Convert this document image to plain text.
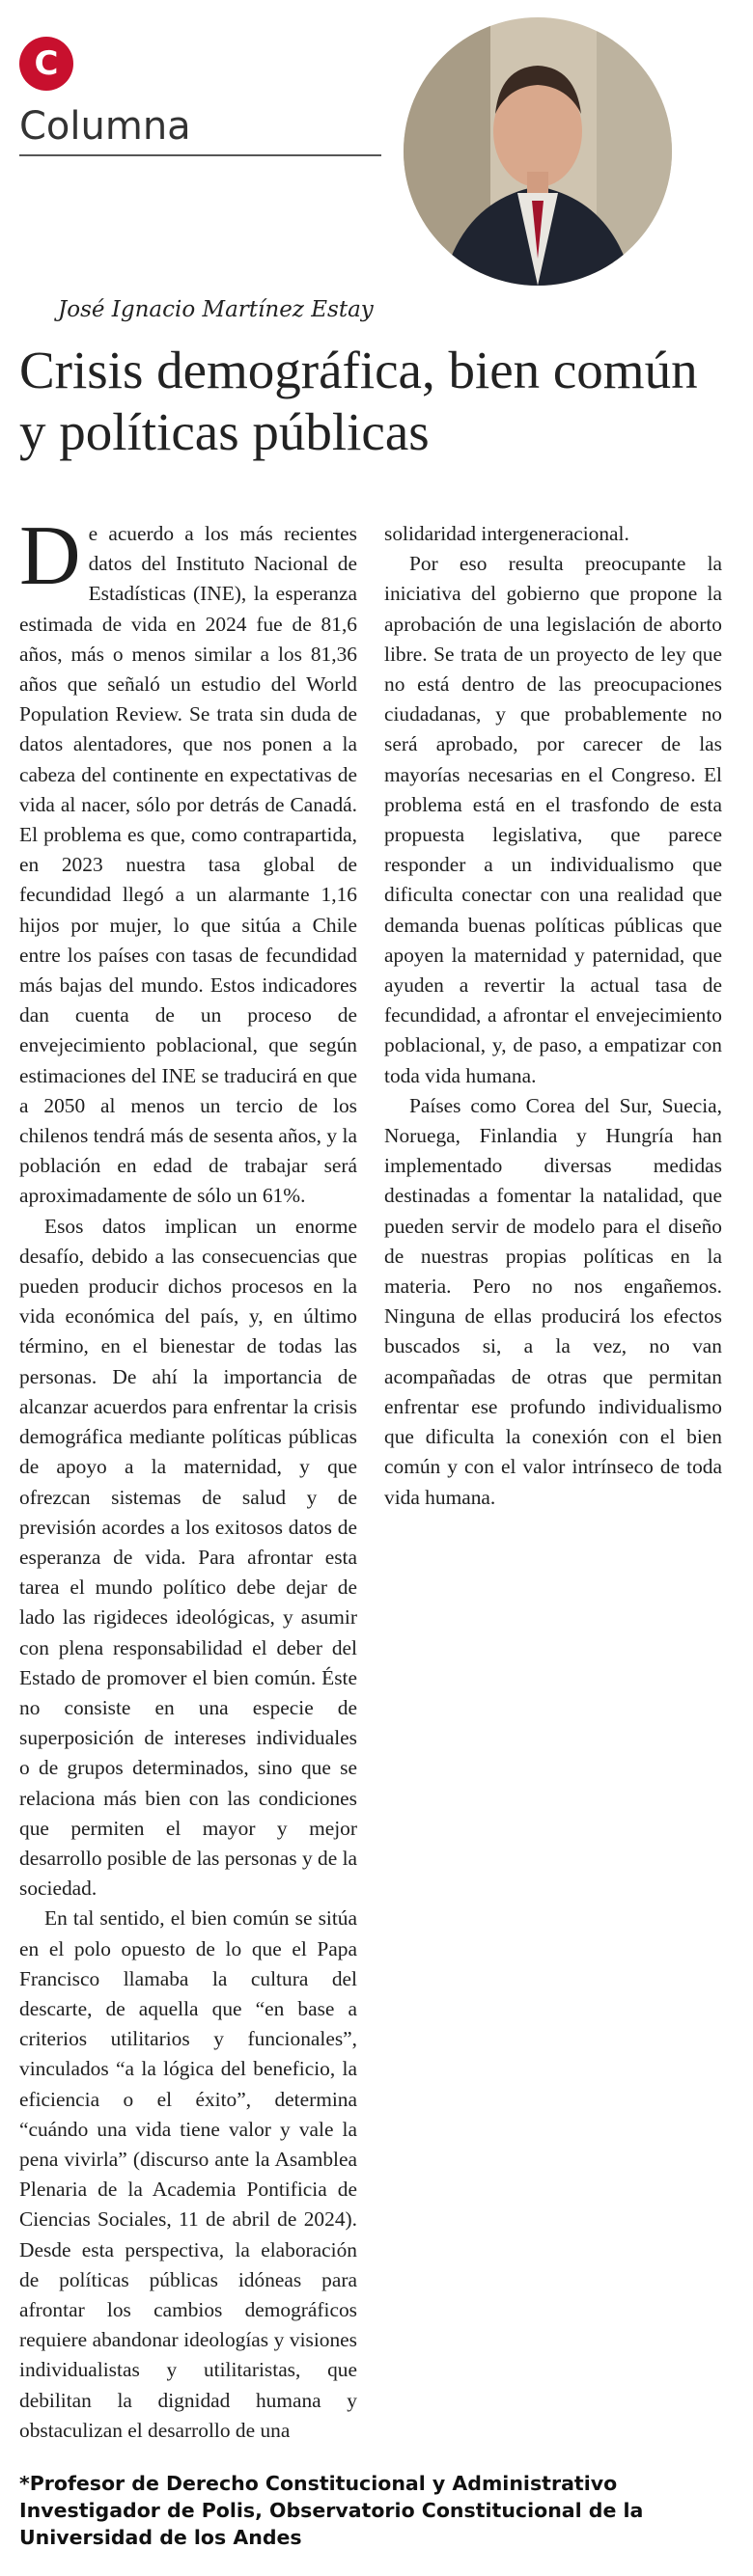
C
Columna
José Ignacio Martínez Estay
Crisis demográfica, bien común y políticas públicas

De acuerdo a los más recientes datos del Instituto Nacional de Estadísticas (INE), la esperanza estimada de vida en 2024 fue de 81,6 años, más o menos similar a los 81,36 años que señaló un estudio del World Population Review. Se trata sin duda de datos alentadores, que nos ponen a la cabeza del continente en expectativas de vida al nacer, sólo por detrás de Canadá. El problema es que, como contrapartida, en 2023 nuestra tasa global de fecundidad llegó a un alarmante 1,16 hijos por mujer, lo que sitúa a Chile entre los países con tasas de fecundidad más bajas del mundo. Estos indicadores dan cuenta de un proceso de envejecimiento poblacional, que según estimaciones del INE se traducirá en que a 2050 al menos un tercio de los chilenos tendrá más de sesenta años, y la población en edad de trabajar será aproximadamente de sólo un 61%.

Esos datos implican un enorme desafío, debido a las consecuencias que pueden producir dichos procesos en la vida económica del país, y, en último término, en el bienestar de todas las personas. De ahí la importancia de alcanzar acuerdos para enfrentar la crisis demográfica mediante políticas públicas de apoyo a la maternidad, y que ofrezcan sistemas de salud y de previsión acordes a los exitosos datos de esperanza de vida. Para afrontar esta tarea el mundo político debe dejar de lado las rigideces ideológicas, y asumir con plena responsabilidad el deber del Estado de promover el bien común. Éste no consiste en una especie de superposición de intereses individuales o de grupos determinados, sino que se relaciona más bien con las condiciones que permiten el mayor y mejor desarrollo posible de las personas y de la sociedad.

En tal sentido, el bien común se sitúa en el polo opuesto de lo que el Papa Francisco llamaba la cultura del descarte, de aquella que “en base a criterios utilitarios y funcionales”, vinculados “a la lógica del beneficio, la eficiencia o el éxito”, determina “cuándo una vida tiene valor y vale la pena vivirla” (discurso ante la Asamblea Plenaria de la Academia Pontificia de Ciencias Sociales, 11 de abril de 2024). Desde esta perspectiva, la elaboración de políticas públicas idóneas para afrontar los cambios demográficos requiere abandonar ideologías y visiones individualistas y utilitaristas, que debilitan la dignidad humana y obstaculizan el desarrollo de una

solidaridad intergeneracional.

Por eso resulta preocupante la iniciativa del gobierno que propone la aprobación de una legislación de aborto libre. Se trata de un proyecto de ley que no está dentro de las preocupaciones ciudadanas, y que probablemente no será aprobado, por carecer de las mayorías necesarias en el Congreso. El problema está en el trasfondo de esta propuesta legislativa, que parece responder a un individualismo que dificulta conectar con una realidad que demanda buenas políticas públicas que apoyen la maternidad y paternidad, que ayuden a revertir la actual tasa de fecundidad, a afrontar el envejecimiento poblacional, y, de paso, a empatizar con toda vida humana.

Países como Corea del Sur, Suecia, Noruega, Finlandia y Hungría han implementado diversas medidas destinadas a fomentar la natalidad, que pueden servir de modelo para el diseño de nuestras propias políticas en la materia. Pero no nos engañemos. Ninguna de ellas producirá los efectos buscados si, a la vez, no van acompañadas de otras que permitan enfrentar ese profundo individualismo que dificulta la conexión con el bien común y con el valor intrínseco de toda vida humana.

*Profesor de Derecho Constitucional y Administrativo
Investigador de Polis, Observatorio Constitucional de la
Universidad de los Andes
